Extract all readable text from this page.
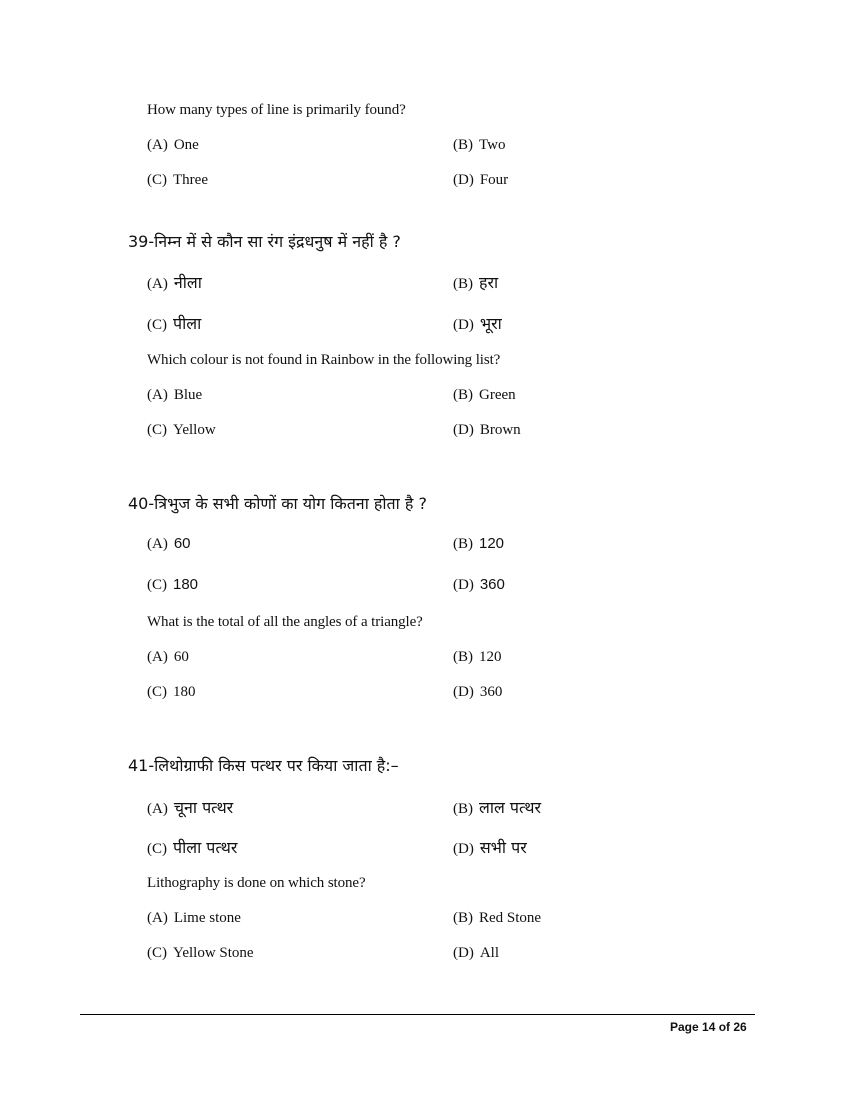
How many types of line is primarily found?
(A) One	(B) Two
(C) Three	(D) Four
39-निम्न में से कौन सा रंग इंद्रधनुष में नहीं है ?
(A) नीला	(B) हरा
(C) पीला	(D) भूरा
Which colour is not found in Rainbow in the following list?
(A) Blue	(B) Green
(C) Yellow	(D) Brown
40-त्रिभुज के सभी कोणों का योग कितना होता है ?
(A) 60	(B) 120
(C) 180	(D) 360
What is the total of all the angles of a triangle?
(A) 60	(B) 120
(C) 180	(D) 360
41-लिथोग्राफी किस पत्थर पर किया जाता है:–
(A) चूना पत्थर	(B) लाल पत्थर
(C) पीला पत्थर	(D) सभी पर
Lithography is done on which stone?
(A) Lime stone	(B) Red Stone
(C) Yellow Stone	(D) All
Page 14 of 26
